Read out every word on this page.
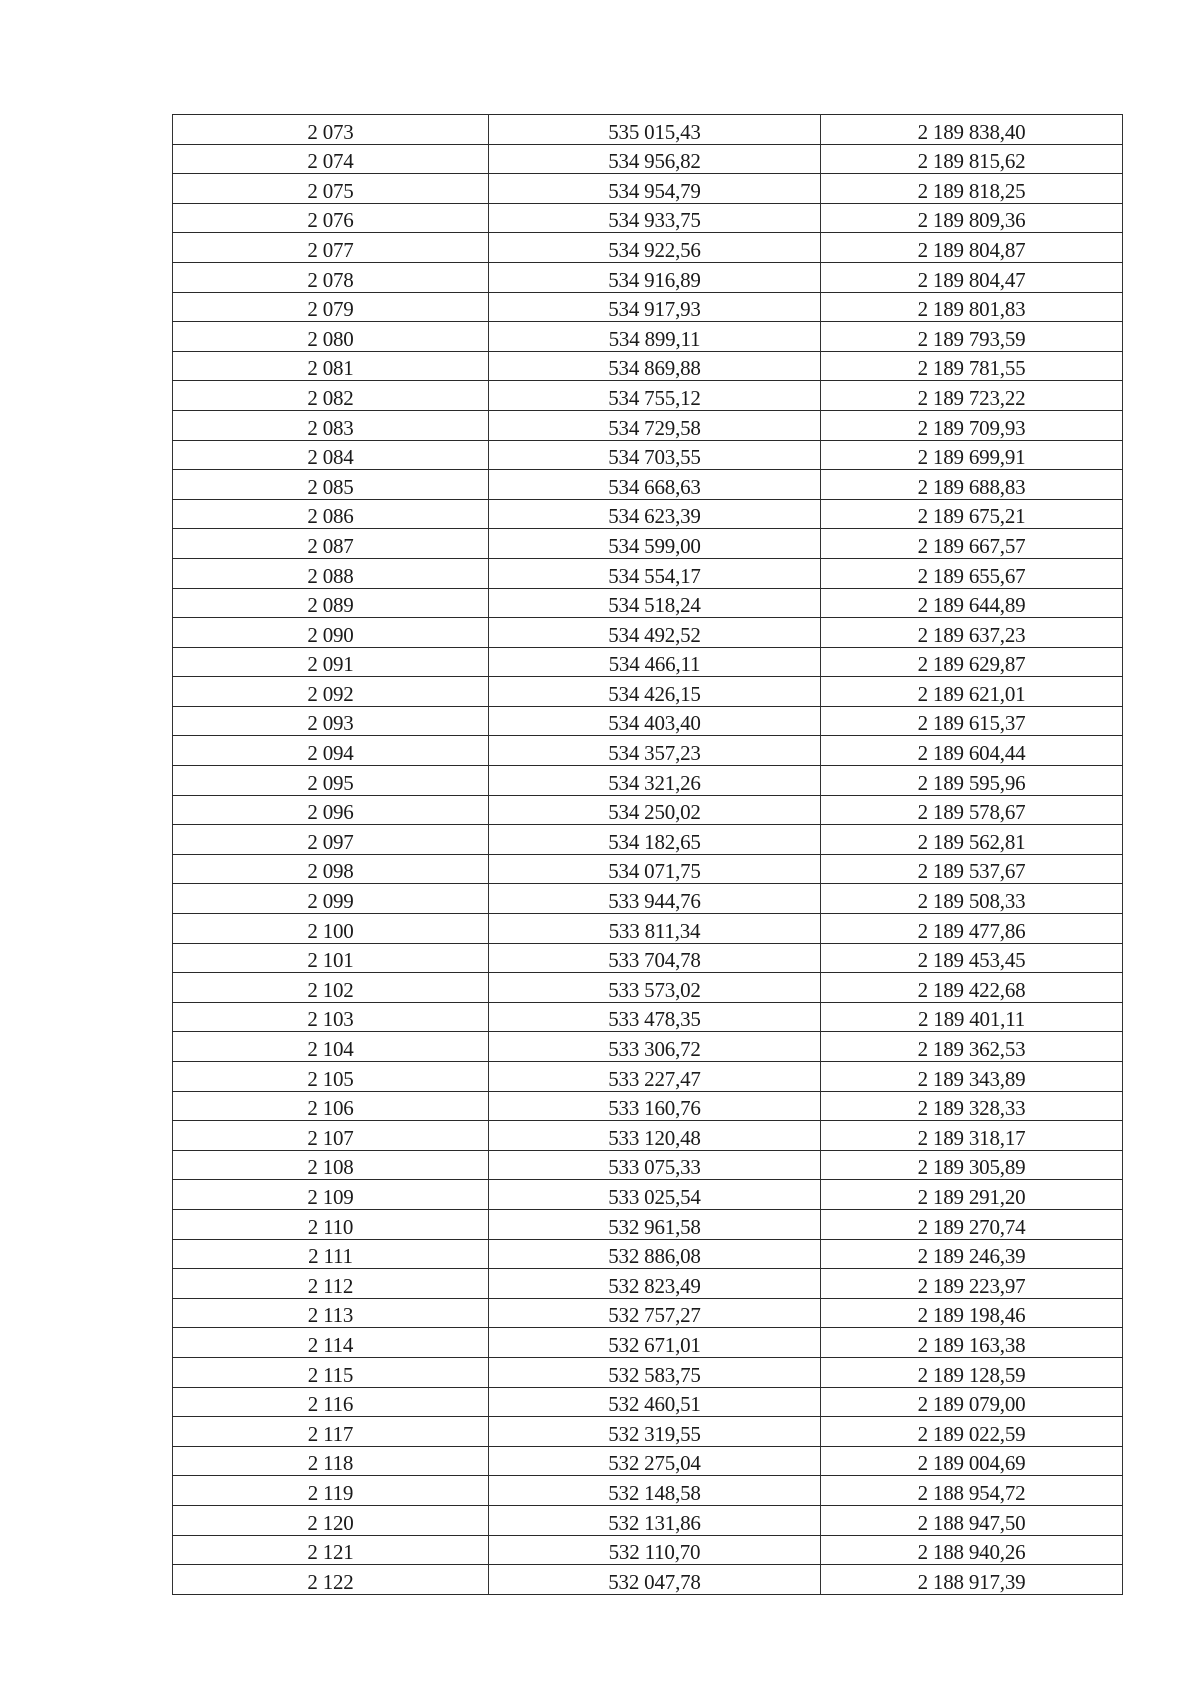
2 073	535 015,43	2 189 838,40
2 074	534 956,82	2 189 815,62
2 075	534 954,79	2 189 818,25
2 076	534 933,75	2 189 809,36
2 077	534 922,56	2 189 804,87
2 078	534 916,89	2 189 804,47
2 079	534 917,93	2 189 801,83
2 080	534 899,11	2 189 793,59
2 081	534 869,88	2 189 781,55
2 082	534 755,12	2 189 723,22
2 083	534 729,58	2 189 709,93
2 084	534 703,55	2 189 699,91
2 085	534 668,63	2 189 688,83
2 086	534 623,39	2 189 675,21
2 087	534 599,00	2 189 667,57
2 088	534 554,17	2 189 655,67
2 089	534 518,24	2 189 644,89
2 090	534 492,52	2 189 637,23
2 091	534 466,11	2 189 629,87
2 092	534 426,15	2 189 621,01
2 093	534 403,40	2 189 615,37
2 094	534 357,23	2 189 604,44
2 095	534 321,26	2 189 595,96
2 096	534 250,02	2 189 578,67
2 097	534 182,65	2 189 562,81
2 098	534 071,75	2 189 537,67
2 099	533 944,76	2 189 508,33
2 100	533 811,34	2 189 477,86
2 101	533 704,78	2 189 453,45
2 102	533 573,02	2 189 422,68
2 103	533 478,35	2 189 401,11
2 104	533 306,72	2 189 362,53
2 105	533 227,47	2 189 343,89
2 106	533 160,76	2 189 328,33
2 107	533 120,48	2 189 318,17
2 108	533 075,33	2 189 305,89
2 109	533 025,54	2 189 291,20
2 110	532 961,58	2 189 270,74
2 111	532 886,08	2 189 246,39
2 112	532 823,49	2 189 223,97
2 113	532 757,27	2 189 198,46
2 114	532 671,01	2 189 163,38
2 115	532 583,75	2 189 128,59
2 116	532 460,51	2 189 079,00
2 117	532 319,55	2 189 022,59
2 118	532 275,04	2 189 004,69
2 119	532 148,58	2 188 954,72
2 120	532 131,86	2 188 947,50
2 121	532 110,70	2 188 940,26
2 122	532 047,78	2 188 917,39
